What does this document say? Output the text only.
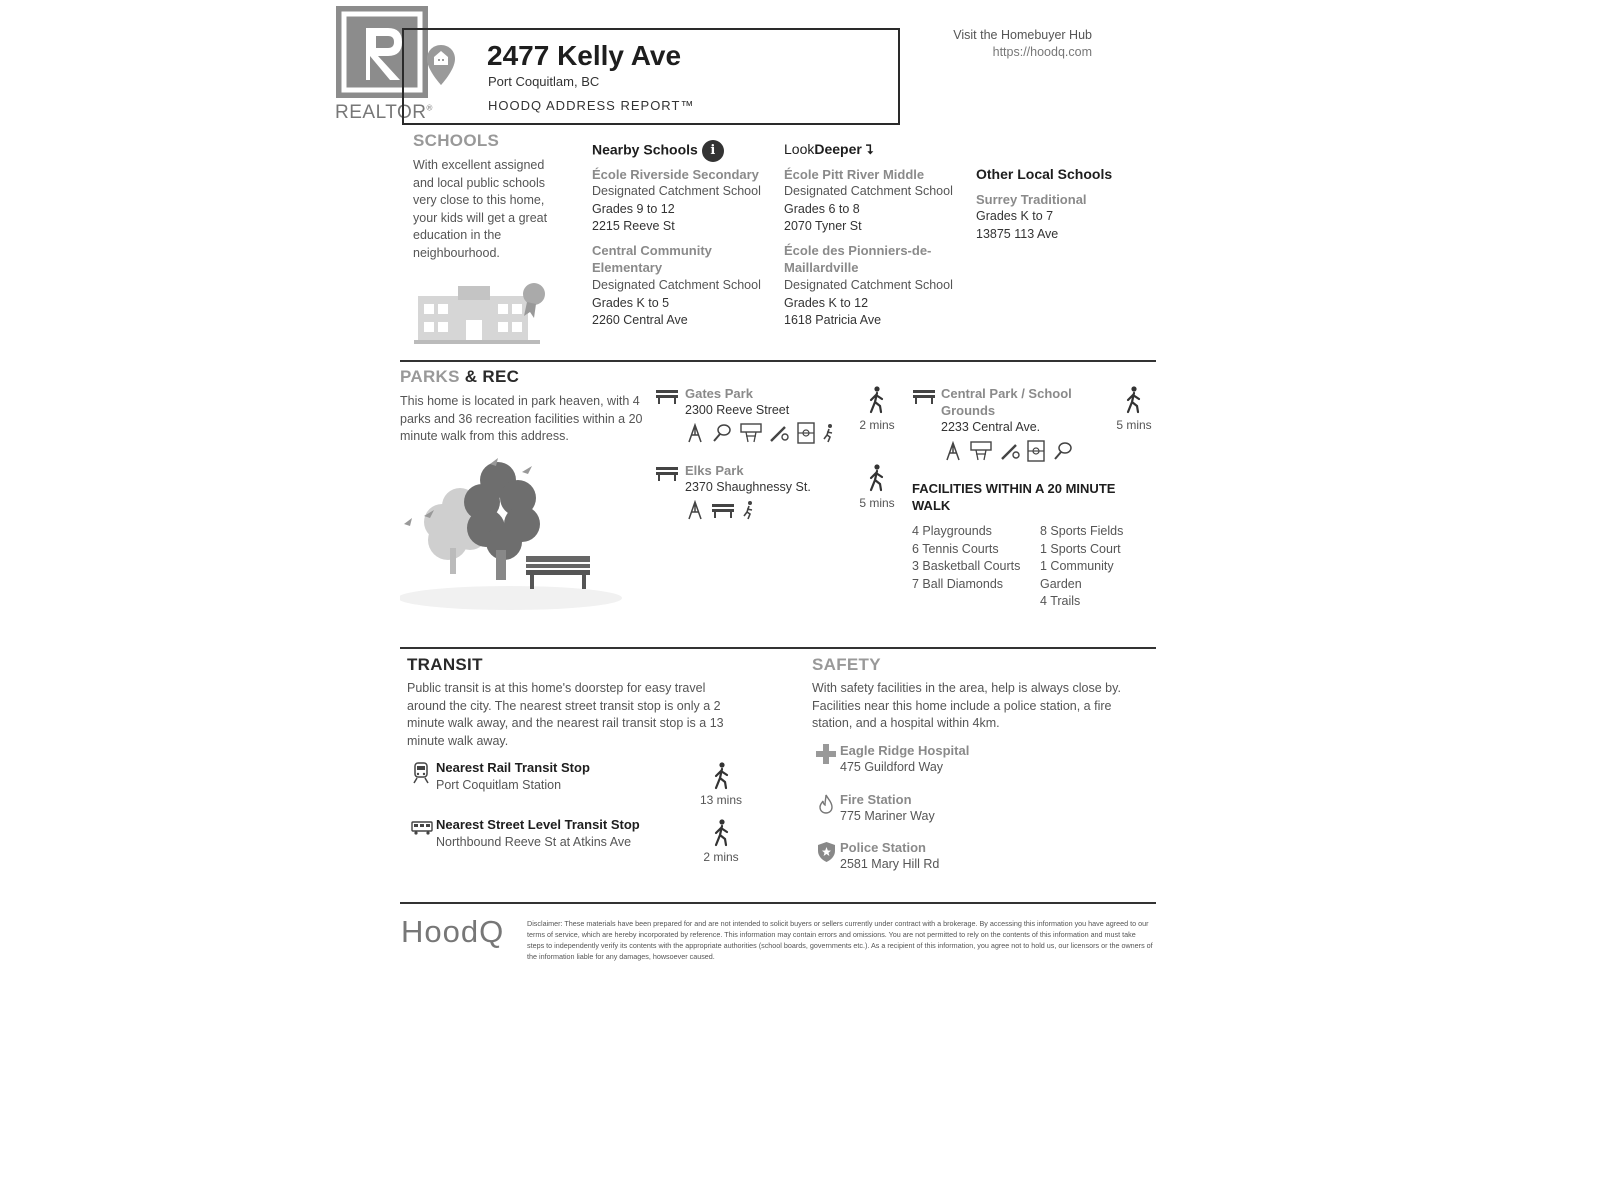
REALTOR®
2477 Kelly Ave
Port Coquitlam, BC
HOODQ ADDRESS REPORT™
Visit the Homebuyer Hub
https://hoodq.com
SCHOOLS
With excellent assigned and local public schools very close to this home, your kids will get a great education in the neighbourhood.
Nearby Schools i	LookDeeper ⮧
Other Local Schools
École Riverside Secondary
Designated Catchment School
Grades 9 to 12
2215 Reeve St
Central Community Elementary
Designated Catchment School
Grades K to 5
2260 Central Ave
École Pitt River Middle
Designated Catchment School
Grades 6 to 8
2070 Tyner St
École des Pionniers-de-Maillardville
Designated Catchment School
Grades K to 12
1618 Patricia Ave
Surrey Traditional
Grades K to 7
13875 113 Ave
PARKS & REC
This home is located in park heaven, with 4 parks and 36 recreation facilities within a 20 minute walk from this address.
Gates Park
2300 Reeve Street

2 mins
Elks Park
2370 Shaughnessy St.

5 mins
Central Park / School Grounds
2233 Central Ave.
	5 mins
FACILITIES WITHIN A 20 MINUTE WALK
4 Playgrounds
6 Tennis Courts
3 Basketball Courts
7 Ball Diamonds
8 Sports Fields
1 Sports Court
1 Community Garden
4 Trails
TRANSIT
Public transit is at this home's doorstep for easy travel around the city. The nearest street transit stop is only a 2 minute walk away, and the nearest rail transit stop is a 13 minute walk away.
Nearest Rail Transit Stop
Port Coquitlam Station
13 mins
Nearest Street Level Transit Stop
Northbound Reeve St at Atkins Ave
2 mins
SAFETY
With safety facilities in the area, help is always close by. Facilities near this home include a police station, a fire station, and a hospital within 4km.
Eagle Ridge Hospital
475 Guildford Way
Fire Station
775 Mariner Way
Police Station
2581 Mary Hill Rd
HoodQ	Disclaimer: These materials have been prepared for and are not intended to solicit buyers or sellers currently under contract with a brokerage. By accessing this information you have agreed to our terms of service, which are hereby incorporated by reference. This information may contain errors and omissions. You are not permitted to rely on the contents of this information and must take steps to independently verify its contents with the appropriate authorities (school boards, governments etc.). As a recipient of this information, you agree not to hold us, our licensors or the owners of the information liable for any damages, howsoever caused.
